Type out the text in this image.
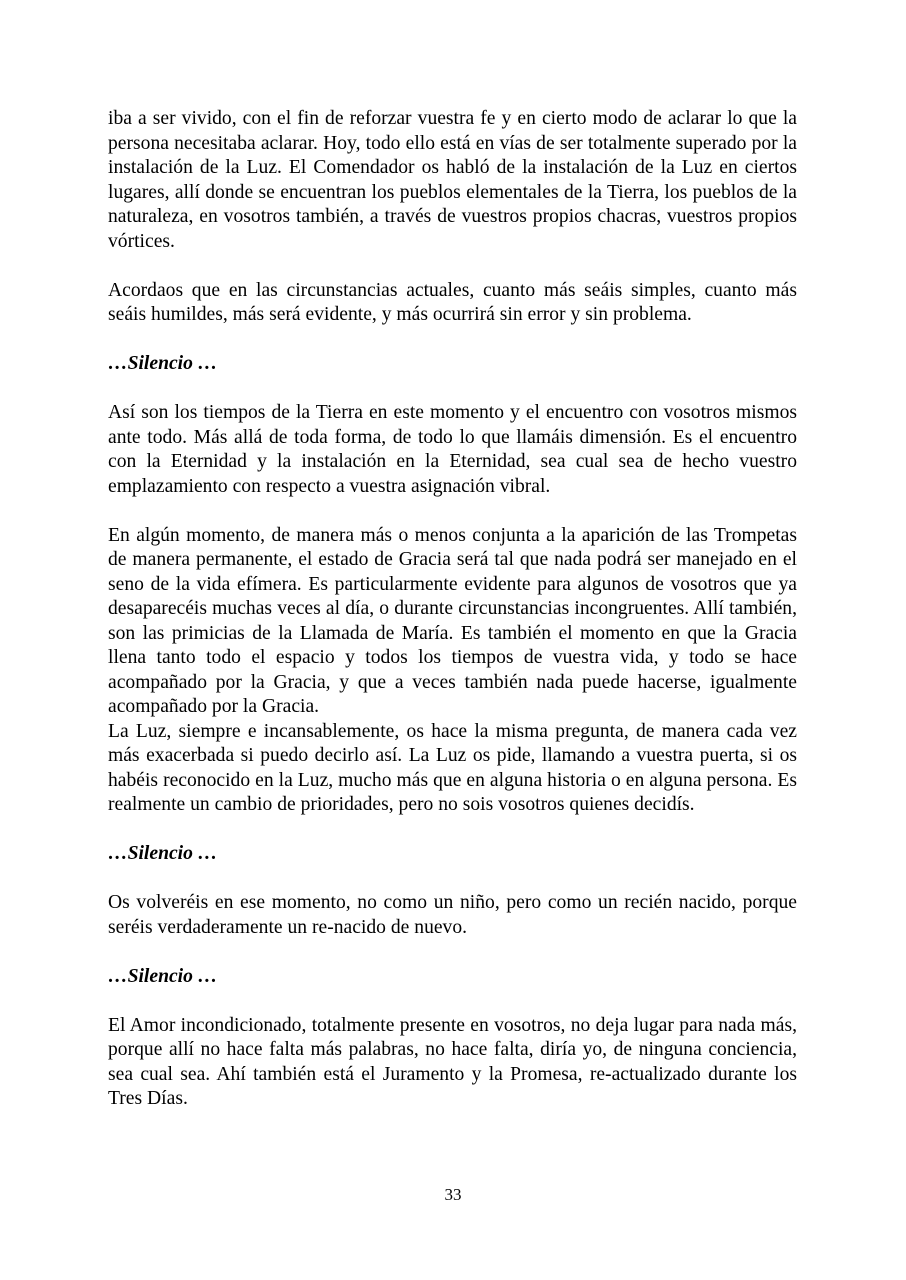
iba a ser vivido, con el fin de reforzar vuestra fe y en cierto modo de aclarar lo que la persona necesitaba aclarar. Hoy, todo ello está en vías de ser totalmente superado por la instalación de la Luz. El Comendador os habló de la instalación de la Luz en ciertos lugares, allí donde se encuentran los pueblos elementales de la Tierra, los pueblos de la naturaleza, en vosotros también, a través de vuestros propios chacras, vuestros propios vórtices.

Acordaos que en las circunstancias actuales, cuanto más seáis simples, cuanto más seáis humildes, más será evidente, y más ocurrirá sin error y sin problema.

…Silencio …

Así son los tiempos de la Tierra en este momento y el encuentro con vosotros mismos ante todo. Más allá de toda forma, de todo lo que llamáis dimensión. Es el encuentro con la Eternidad y la instalación en la Eternidad, sea cual sea de hecho vuestro emplazamiento con respecto a vuestra asignación vibral.

En algún momento, de manera más o menos conjunta a la aparición de las Trompetas de manera permanente, el estado de Gracia será tal que nada podrá ser manejado en el seno de la vida efímera. Es particularmente evidente para algunos de vosotros que ya desaparecéis muchas veces al día, o durante circunstancias incongruentes. Allí también, son las primicias de la Llamada de María. Es también el momento en que la Gracia llena tanto todo el espacio y todos los tiempos de vuestra vida, y todo se hace acompañado por la Gracia, y que a veces también nada puede hacerse, igualmente acompañado por la Gracia.

La Luz, siempre e incansablemente, os hace la misma pregunta, de manera cada vez más exacerbada si puedo decirlo así. La Luz os pide, llamando a vuestra puerta, si os habéis reconocido en la Luz, mucho más que en alguna historia o en alguna persona. Es realmente un cambio de prioridades, pero no sois vosotros quienes decidís.

…Silencio …

Os volveréis en ese momento, no como un niño, pero como un recién nacido, porque seréis verdaderamente un re-nacido de nuevo.

…Silencio …

El Amor incondicionado, totalmente presente en vosotros, no deja lugar para nada más, porque allí no hace falta más palabras, no hace falta, diría yo, de ninguna conciencia, sea cual sea. Ahí también está el Juramento y la Promesa, re-actualizado durante los Tres Días.

33
